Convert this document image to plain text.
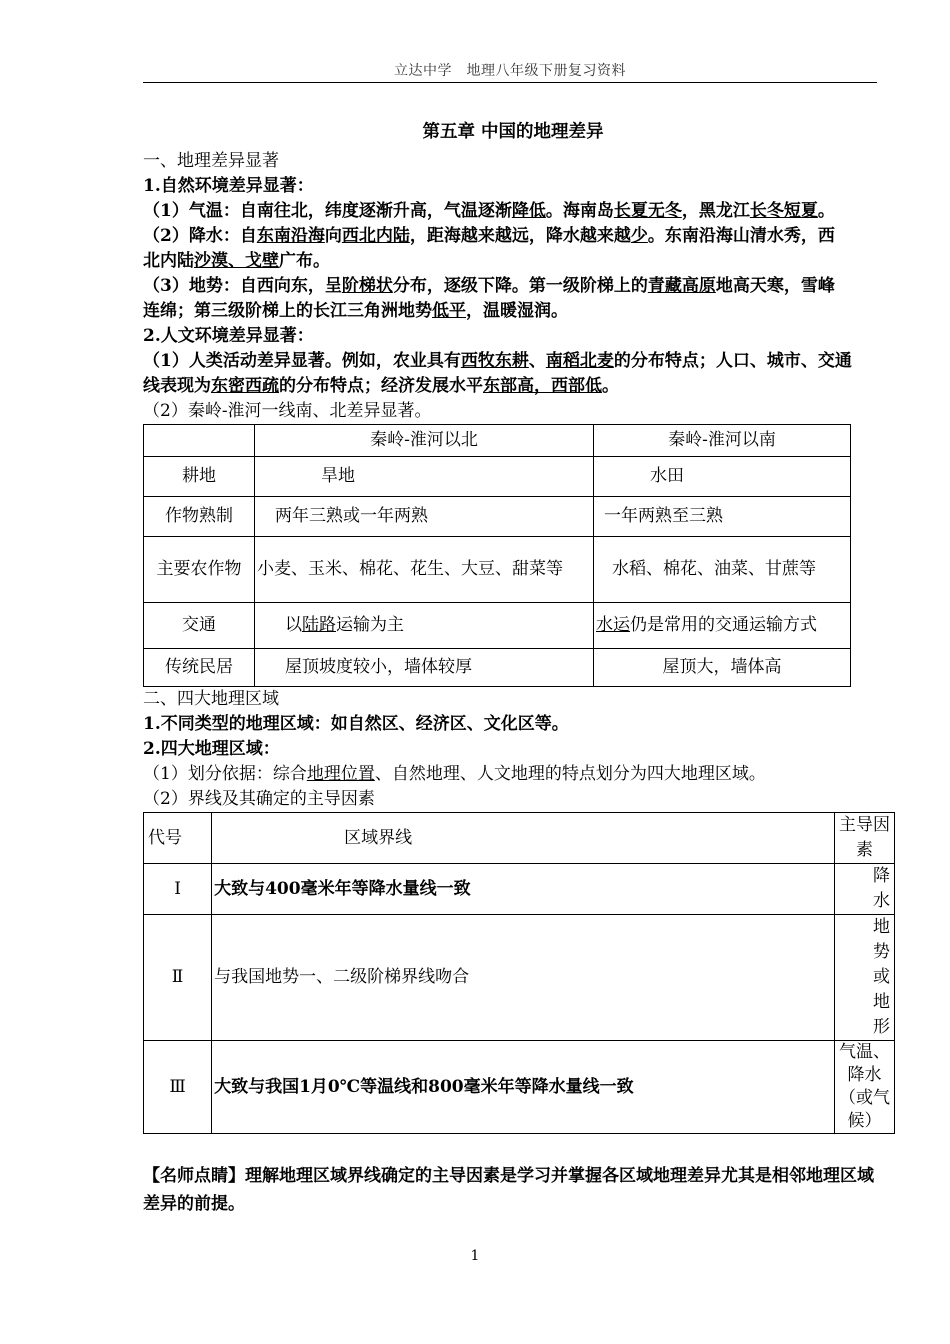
立达中学　地理八年级下册复习资料

第五章 中国的地理差异

一、地理差异显著

1.自然环境差异显著：

（1）气温：自南往北，纬度逐渐升高，气温逐渐降低。海南岛长夏无冬，黑龙江长冬短夏。

（2）降水：自东南沿海向西北内陆，距海越来越远，降水越来越少。东南沿海山清水秀，西

北内陆沙漠、戈壁广布。

（3）地势：自西向东，呈阶梯状分布，逐级下降。第一级阶梯上的青藏高原地高天寒，雪峰

连绵；第三级阶梯上的长江三角洲地势低平，温暖湿润。

2.人文环境差异显著：

（1）人类活动差异显著。例如，农业具有西牧东耕、南稻北麦的分布特点；人口、城市、交通

线表现为东密西疏的分布特点；经济发展水平东部高，西部低。

（2）秦岭-淮河一线南、北差异显著。

	秦岭-淮河以北	秦岭-淮河以南
耕地	旱地	水田
作物熟制	两年三熟或一年两熟	一年两熟至三熟
主要农作物	小麦、玉米、棉花、花生、大豆、甜菜等	水稻、棉花、油菜、甘蔗等
交通	以陆路运输为主	水运仍是常用的交通运输方式
传统民居	屋顶坡度较小，墙体较厚	屋顶大，墙体高

二、四大地理区域

1.不同类型的地理区域：如自然区、经济区、文化区等。

2.四大地理区域：

（1）划分依据：综合地理位置、自然地理、人文地理的特点划分为四大地理区域。

（2）界线及其确定的主导因素

代号	区域界线	主导因素
Ⅰ	大致与400毫米年等降水量线一致	降水
Ⅱ	与我国地势一、二级阶梯界线吻合	地势或地形
Ⅲ	大致与我国1月0℃等温线和800毫米年等降水量线一致	气温、降水
（或气候）

【名师点睛】理解地理区域界线确定的主导因素是学习并掌握各区域地理差异尤其是相邻地理区域差异的前提。

1
